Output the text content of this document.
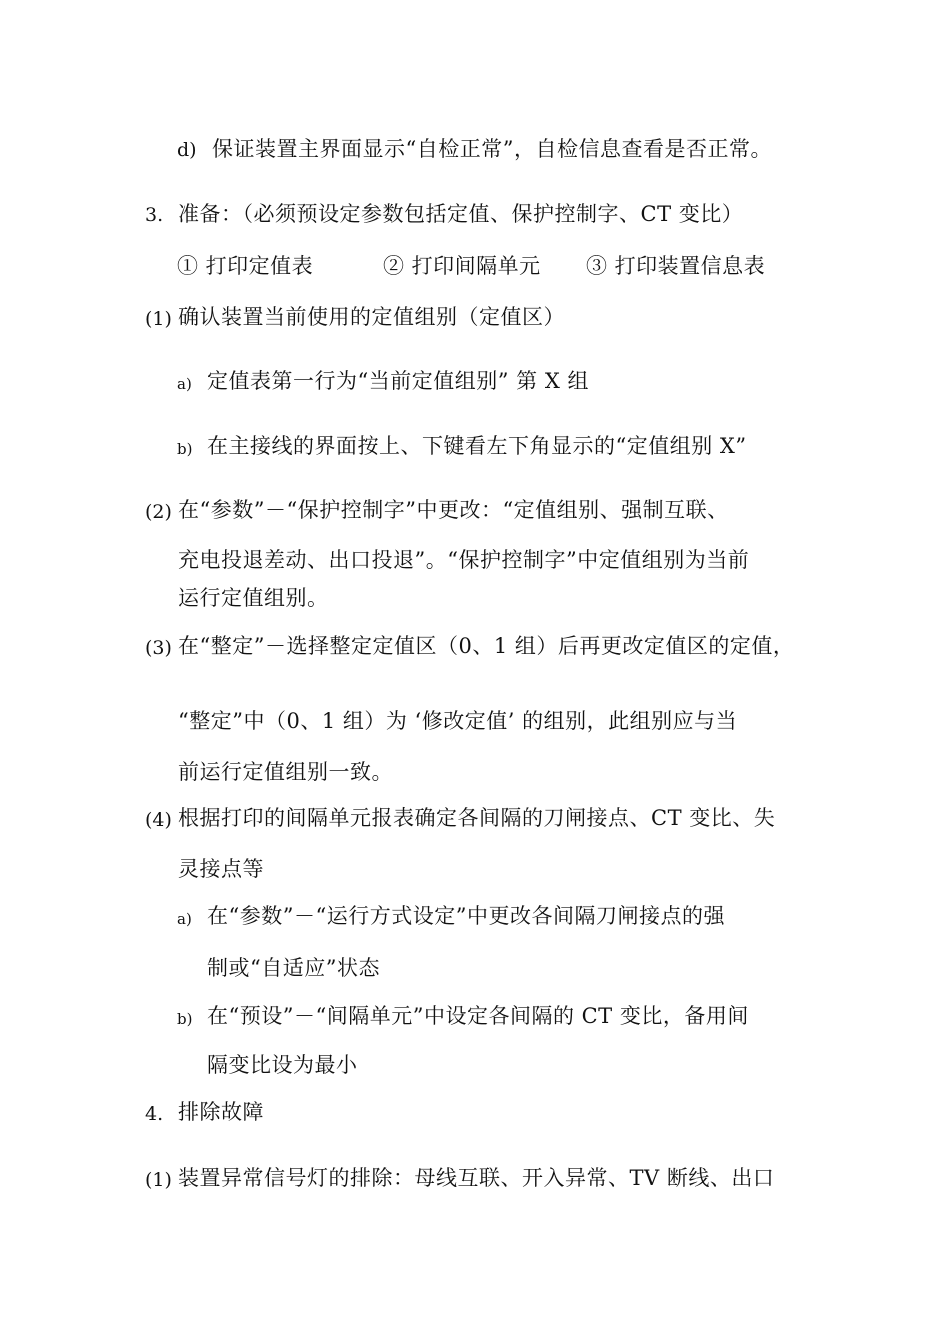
d) 保证装置主界面显示“自检正常”，自检信息查看是否正常。
3. 准备：（必须预设定参数包括定值、保护控制字、CT 变比）
① 打印定值表	② 打印间隔单元 ③ 打印装置信息表
(1) 确认装置当前使用的定值组别（定值区）
a) 定值表第一行为“当前定值组别” 第 X 组
b) 在主接线的界面按上、下键看左下角显示的“定值组别 X”
(2) 在“参数”－“保护控制字”中更改：“定值组别、强制互联、
充电投退差动、出口投退”。“保护控制字”中定值组别为当前
运行定值组别。
(3) 在“整定”－选择整定定值区（0、1 组）后再更改定值区的定值，
“整定”中（0、1 组）为 ‘修改定值’ 的组别，此组别应与当
前运行定值组别一致。
(4) 根据打印的间隔单元报表确定各间隔的刀闸接点、CT 变比、失
灵接点等
a) 在“参数”－“运行方式设定”中更改各间隔刀闸接点的强
制或“自适应”状态
b) 在“预设”－“间隔单元”中设定各间隔的 CT 变比，备用间
隔变比设为最小
4. 排除故障
(1) 装置异常信号灯的排除：母线互联、开入异常、TV 断线、出口
